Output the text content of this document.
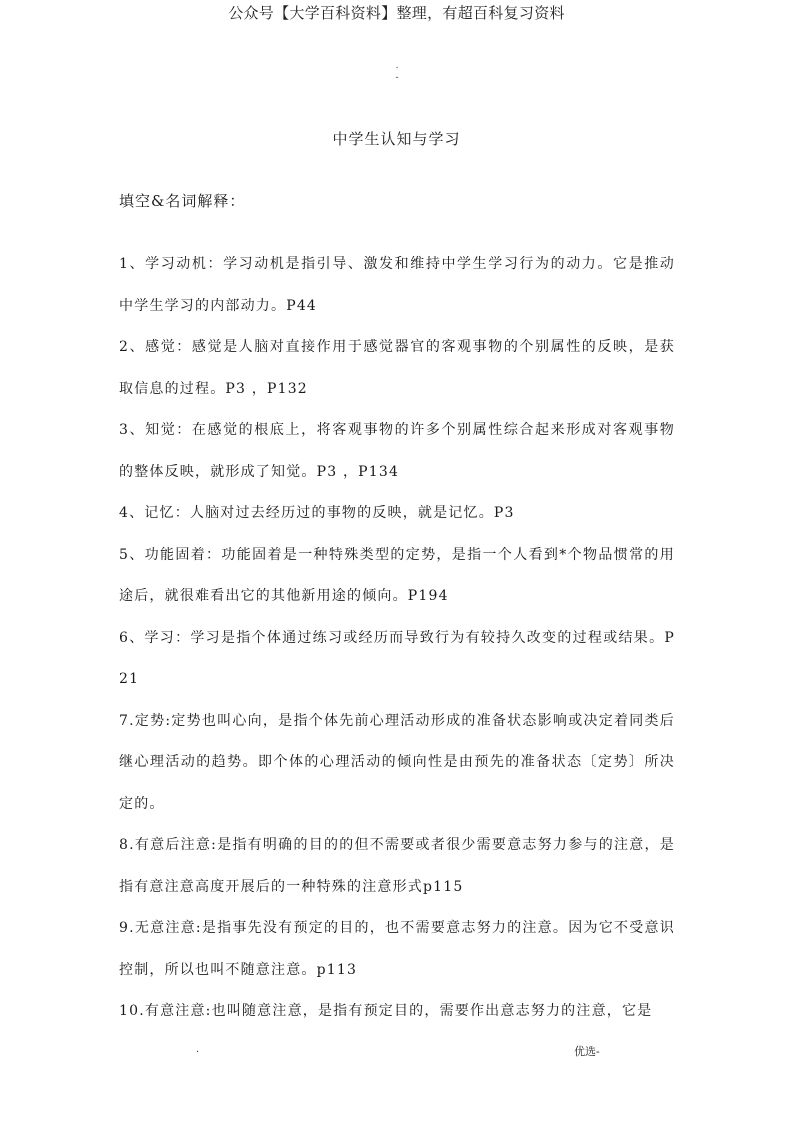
公众号【大学百科资料】整理，有超百科复习资料
.
-
中学生认知与学习
填空&名词解释：

1、学习动机：学习动机是指引导、激发和维持中学生学习行为的动力。它是推动中学生学习的内部动力。P44

2、感觉：感觉是人脑对直接作用于感觉器官的客观事物的个别属性的反映，是获取信息的过程。P3 ，P132

3、知觉：在感觉的根底上，将客观事物的许多个别属性综合起来形成对客观事物的整体反映，就形成了知觉。P3 ，P134

4、记忆：人脑对过去经历过的事物的反映，就是记忆。P3

5、功能固着：功能固着是一种特殊类型的定势，是指一个人看到*个物品惯常的用途后，就很难看出它的其他新用途的倾向。P194

6、学习：学习是指个体通过练习或经历而导致行为有较持久改变的过程或结果。P21

7.定势:定势也叫心向，是指个体先前心理活动形成的准备状态影响或决定着同类后继心理活动的趋势。即个体的心理活动的倾向性是由预先的准备状态〔定势〕所决定的。

8.有意后注意:是指有明确的目的的但不需要或者很少需要意志努力参与的注意，是指有意注意高度开展后的一种特殊的注意形式p115

9.无意注意:是指事先没有预定的目的，也不需要意志努力的注意。因为它不受意识控制，所以也叫不随意注意。p113

10.有意注意:也叫随意注意，是指有预定目的，需要作出意志努力的注意，它是

.	优选-
